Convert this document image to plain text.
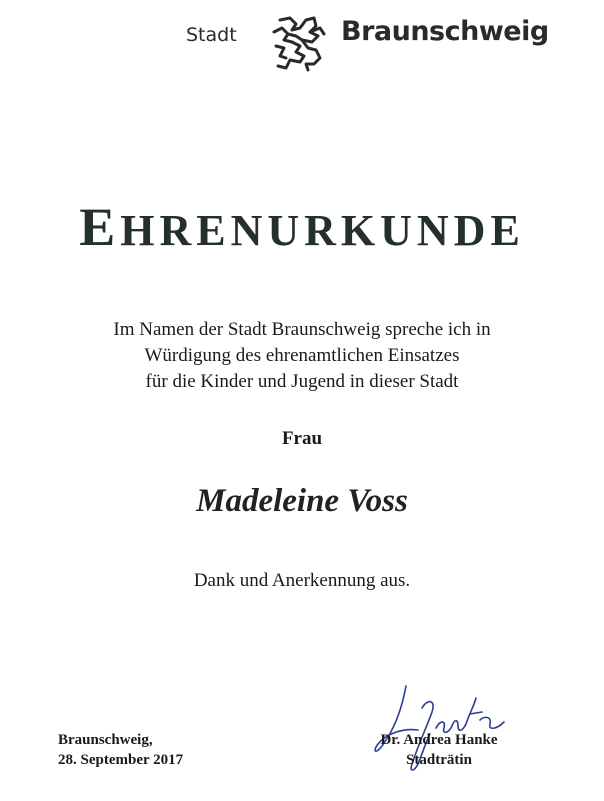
Stadt	Braunschweig
EHRENURKUNDE
Im Namen der Stadt Braunschweig spreche ich in
Würdigung des ehrenamtlichen Einsatzes
für die Kinder und Jugend in dieser Stadt
Frau
Madeleine Voss
Dank und Anerkennung aus.
Braunschweig,
28. September 2017
Dr. Andrea Hanke
Stadträtin
